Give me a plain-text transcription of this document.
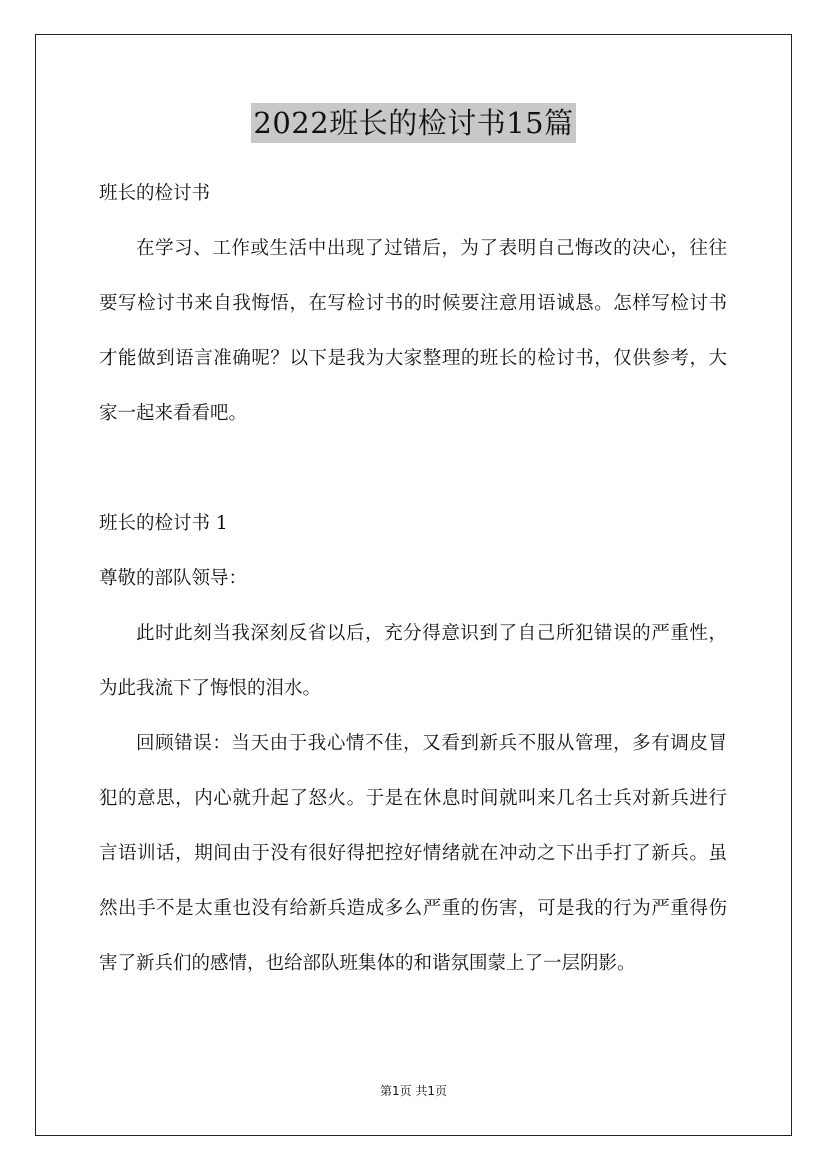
2022班长的检讨书15篇

班长的检讨书

在学习、工作或生活中出现了过错后，为了表明自己悔改的决心，往往要写检讨书来自我悔悟，在写检讨书的时候要注意用语诚恳。怎样写检讨书才能做到语言准确呢？以下是我为大家整理的班长的检讨书，仅供参考，大家一起来看看吧。

班长的检讨书 1

尊敬的部队领导：

此时此刻当我深刻反省以后，充分得意识到了自己所犯错误的严重性，为此我流下了悔恨的泪水。

回顾错误：当天由于我心情不佳，又看到新兵不服从管理，多有调皮冒犯的意思，内心就升起了怒火。于是在休息时间就叫来几名士兵对新兵进行言语训话，期间由于没有很好得把控好情绪就在冲动之下出手打了新兵。虽然出手不是太重也没有给新兵造成多么严重的伤害，可是我的行为严重得伤害了新兵们的感情，也给部队班集体的和谐氛围蒙上了一层阴影。

第1页 共1页
